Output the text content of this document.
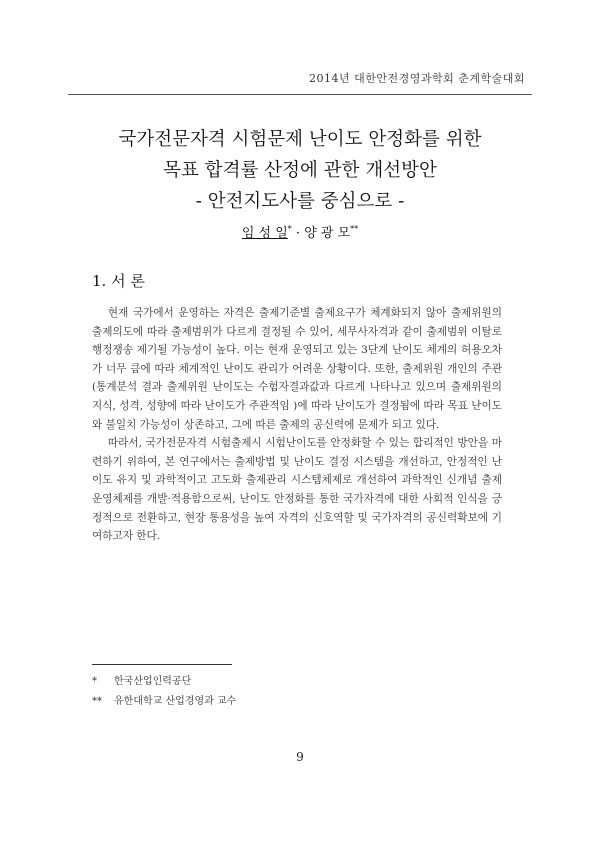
2014년 대한안전경영과학회 춘계학술대회
국가전문자격 시험문제 난이도 안정화를 위한
목표 합격률 산정에 관한 개선방안
- 안전지도사를 중심으로 -
임 성 일* · 양 광 모**
1. 서 론

현재 국가에서 운영하는 자격은 출제기준별 출제요구가 체계화되지 않아 출제위원의 출제의도에 따라 출제범위가 다르게 결정될 수 있어, 세무사자격과 같이 출제범위 이탈로 행정쟁송 제기될 가능성이 높다. 이는 현재 운영되고 있는 3단계 난이도 체계의 허용오차가 너무 큼에 따라 체계적인 난이도 관리가 어려운 상황이다. 또한, 출제위원 개인의 주관(통계분석 결과 출제위원 난이도는 수험자결과값과 다르게 나타나고 있으며 출제위원의 지식, 성격, 성향에 따라 난이도가 주관적임 )에 따라 난이도가 결정됨에 따라 목표 난이도와 불일치 가능성이 상존하고, 그에 따른 출제의 공신력에 문제가 되고 있다.

따라서, 국가전문자격 시험출제시 시험난이도를 안정화할 수 있는 합리적인 방안을 마련하기 위하여, 본 연구에서는 출제방법 및 난이도 결정 시스템을 개선하고, 안정적인 난이도 유지 및 과학적이고 고도화 출제관리 시스템체제로 개선하여 과학적인 신개념 출제운영체제를 개발·적용함으로써, 난이도 안정화를 통한 국가자격에 대한 사회적 인식을 긍정적으로 전환하고, 현장 통용성을 높여 자격의 신호역할 및 국가자격의 공신력확보에 기여하고자 한다.

* 한국산업인력공단
** 유한대학교 산업경영과 교수
9
